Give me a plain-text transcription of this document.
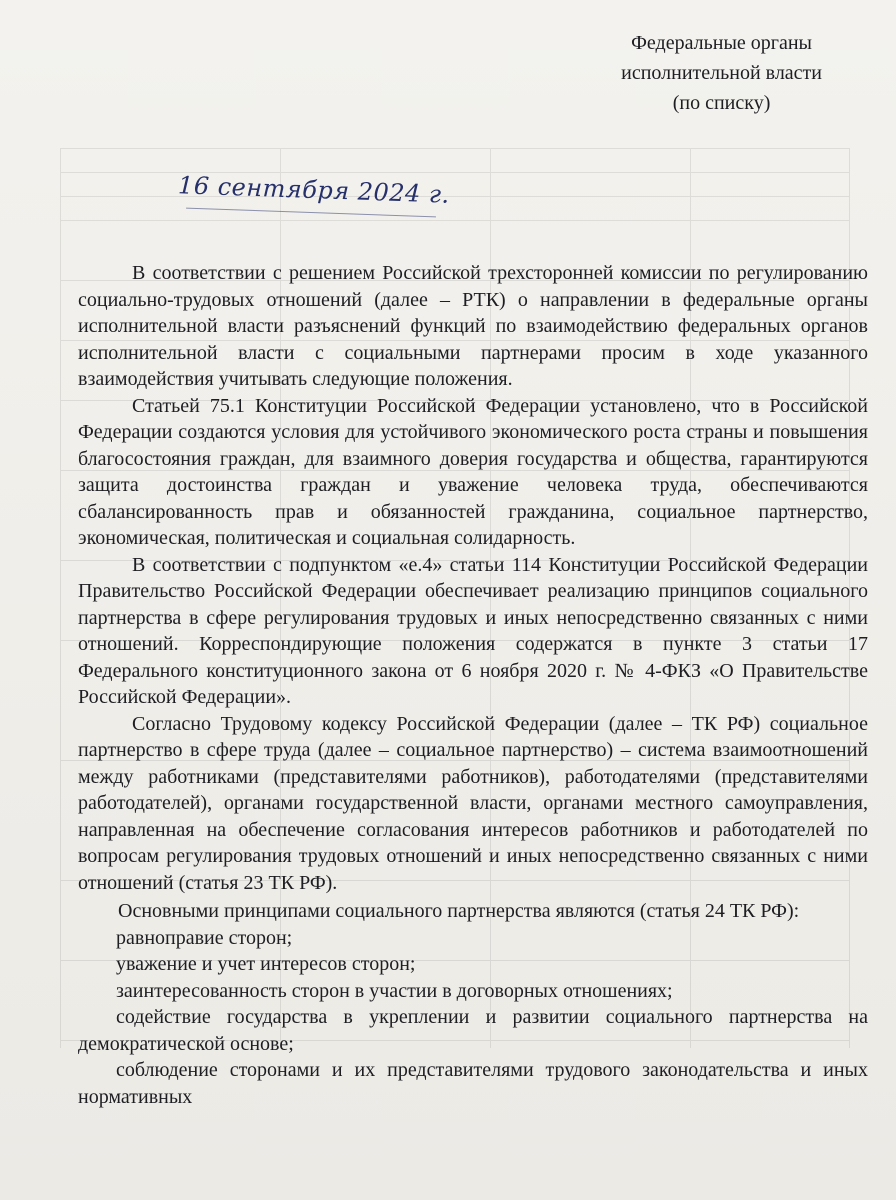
Федеральные органы
исполнительной власти
(по списку)
16 сентября 2024 г.

В соответствии с решением Российской трехсторонней комиссии по регулированию социально-трудовых отношений (далее – РТК) о направлении в федеральные органы исполнительной власти разъяснений функций по взаимодействию федеральных органов исполнительной власти с социальными партнерами просим в ходе указанного взаимодействия учитывать следующие положения.

Статьей 75.1 Конституции Российской Федерации установлено, что в Российской Федерации создаются условия для устойчивого экономического роста страны и повышения благосостояния граждан, для взаимного доверия государства и общества, гарантируются защита достоинства граждан и уважение человека труда, обеспечиваются сбалансированность прав и обязанностей гражданина, социальное партнерство, экономическая, политическая и социальная солидарность.

В соответствии с подпунктом «е.4» статьи 114 Конституции Российской Федерации Правительство Российской Федерации обеспечивает реализацию принципов социального партнерства в сфере регулирования трудовых и иных непосредственно связанных с ними отношений. Корреспондирующие положения содержатся в пункте 3 статьи 17 Федерального конституционного закона от 6 ноября 2020 г. № 4-ФКЗ «О Правительстве Российской Федерации».

Согласно Трудовому кодексу Российской Федерации (далее – ТК РФ) социальное партнерство в сфере труда (далее – социальное партнерство) – система взаимоотношений между работниками (представителями работников), работодателями (представителями работодателей), органами государственной власти, органами местного самоуправления, направленная на обеспечение согласования интересов работников и работодателей по вопросам регулирования трудовых отношений и иных непосредственно связанных с ними отношений (статья 23 ТК РФ).

Основными принципами социального партнерства являются (статья 24 ТК РФ):

равноправие сторон;

уважение и учет интересов сторон;

заинтересованность сторон в участии в договорных отношениях;

содействие государства в укреплении и развитии социального партнерства на демократической основе;

соблюдение сторонами и их представителями трудового законодательства и иных нормативных
